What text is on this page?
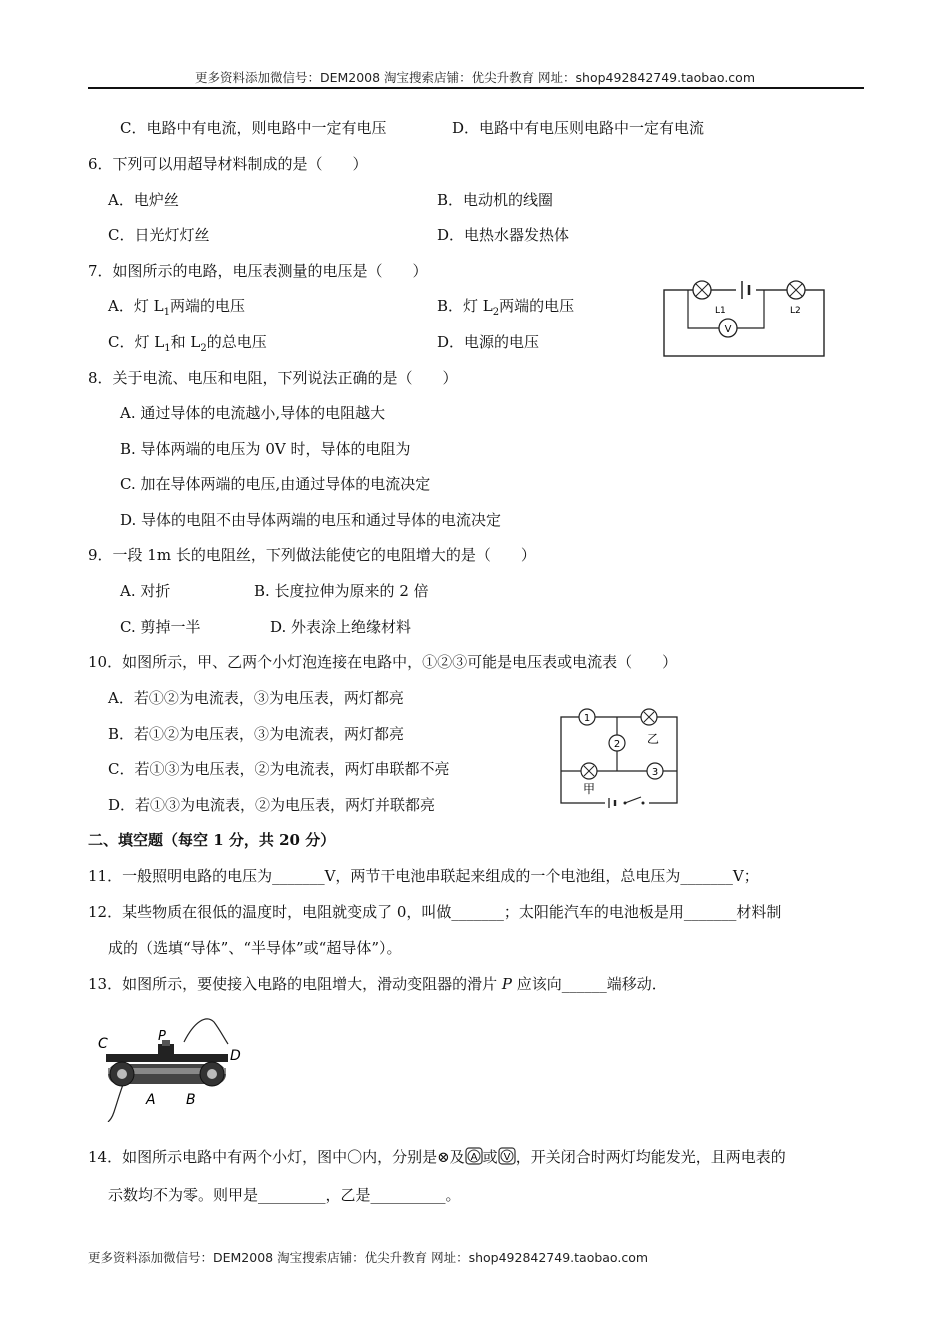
更多资料添加微信号：DEM2008 淘宝搜索店铺：优尖升教育 网址：shop492842749.taobao.com
C．电路中有电流，则电路中一定有电压	D．电路中有电压则电路中一定有电流
6．下列可以用超导材料制成的是（　　）
A．电炉丝	B．电动机的线圈
C．日光灯灯丝	D．电热水器发热体
7．如图所示的电路，电压表测量的电压是（　　）
A．灯 $L_1$两端的电压	B．灯 $L_2$两端的电压
C．灯 $L_1$和 $L_2$的总电压	D．电源的电压
V
L1	L2
8．关于电流、电压和电阻，下列说法正确的是（　　）
A. 通过导体的电流越小,导体的电阻越大
B. 导体两端的电压为 0V 时，导体的电阻为
C. 加在导体两端的电压,由通过导体的电流决定
D. 导体的电阻不由导体两端的电压和通过导体的电流决定
9．一段 1m 长的电阻丝，下列做法能使它的电阻增大的是（　　）
A. 对折	B. 长度拉伸为原来的 2 倍
C. 剪掉一半	D. 外表涂上绝缘材料
10．如图所示，甲、乙两个小灯泡连接在电路中，①②③可能是电压表或电流表（　　）
A．若①②为电流表，③为电压表，两灯都亮
B．若①②为电压表，③为电流表，两灯都亮
C．若①③为电压表，②为电流表，两灯串联都不亮
D．若①③为电流表，②为电压表，两灯并联都亮
1
乙
2
甲
3
二、填空题（每空 1 分，共 20 分）
11．一般照明电路的电压为_______V，两节干电池串联起来组成的一个电池组，总电压为_______V；
12．某些物质在很低的温度时，电阻就变成了 0，叫做_______；太阳能汽车的电池板是用_______材料制
成的（选填“导体”、“半导体”或“超导体”）。
13．如图所示，要使接入电路的电阻增大，滑动变阻器的滑片 P 应该向______端移动．
C	P
D
A B
14．如图所示电路中有两个小灯，图中〇内，分别是⊗及 A 或 V ，开关闭合时两灯均能发光，且两电表的
示数均不为零。则甲是_________，乙是__________。
更多资料添加微信号：DEM2008 淘宝搜索店铺：优尖升教育 网址：shop492842749.taobao.com
